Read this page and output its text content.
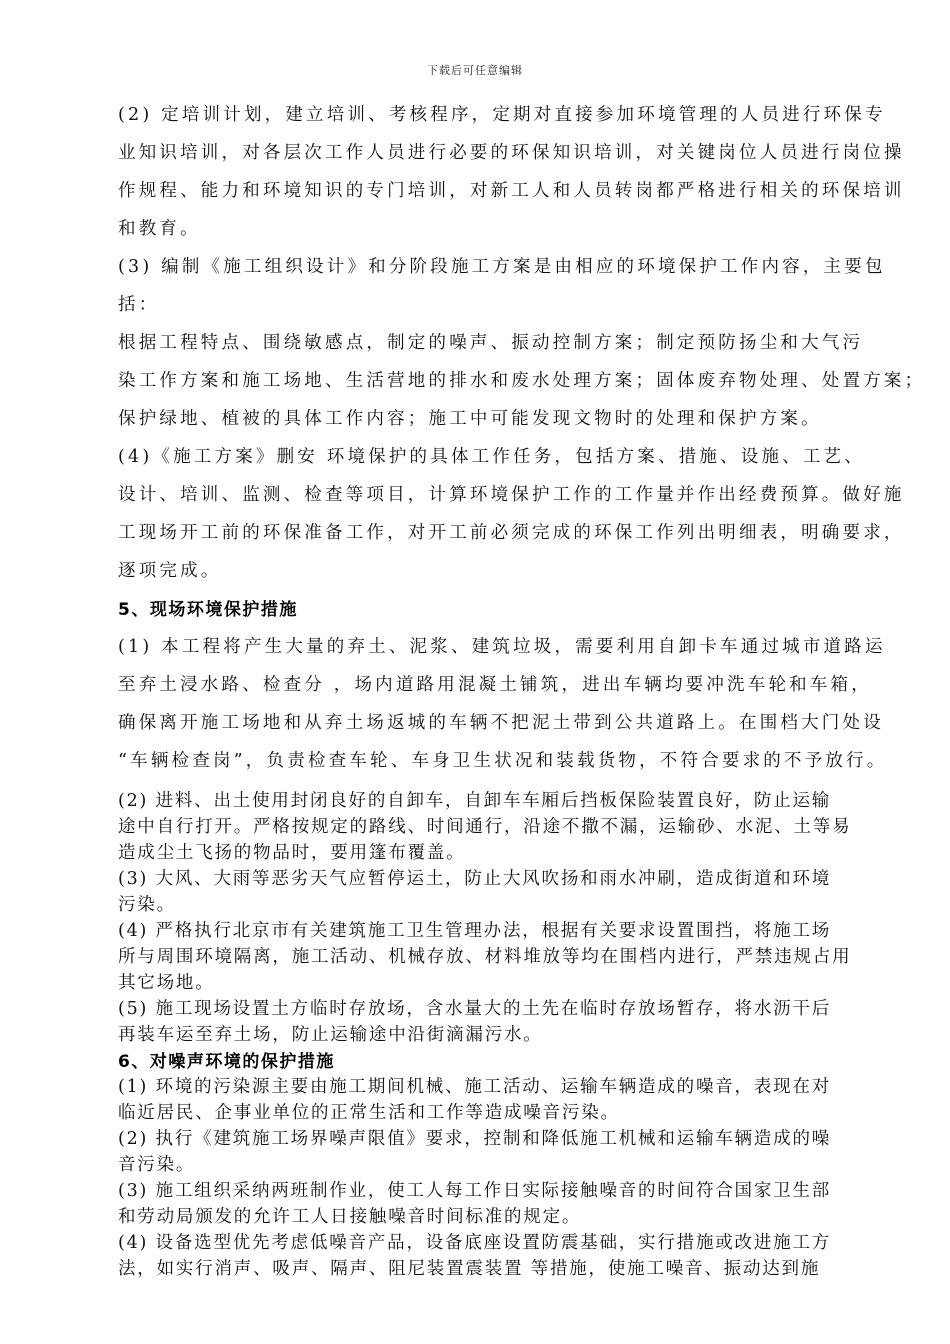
下载后可任意编辑
(2) 定培训计划，建立培训、考核程序，定期对直接参加环境管理的人员进行环保专
业知识培训，对各层次工作人员进行必要的环保知识培训，对关键岗位人员进行岗位操
作规程、能力和环境知识的专门培训，对新工人和人员转岗都严格进行相关的环保培训
和教育。
(3) 编制《施工组织设计》和分阶段施工方案是由相应的环境保护工作内容，主要包
括：
根据工程特点、围绕敏感点，制定的噪声、振动控制方案；制定预防扬尘和大气污
染工作方案和施工场地、生活营地的排水和废水处理方案；固体废弃物处理、处置方案；
保护绿地、植被的具体工作内容；施工中可能发现文物时的处理和保护方案。
(4)《施工方案》删安 环境保护的具体工作任务，包括方案、措施、设施、工艺、
设计、培训、监测、检查等项目，计算环境保护工作的工作量并作出经费预算。做好施
工现场开工前的环保准备工作，对开工前必须完成的环保工作列出明细表，明确要求，
逐项完成。
(1) 本工程将产生大量的弃土、泥浆、建筑垃圾，需要利用自卸卡车通过城市道路运
至弃土浸水路、检查分 ，场内道路用混凝土铺筑，进出车辆均要冲洗车轮和车箱，
确保离开施工场地和从弃土场返城的车辆不把泥土带到公共道路上。在围档大门处设
“车辆检查岗”，负责检查车轮、车身卫生状况和装载货物，不符合要求的不予放行。
(2) 进料、出土使用封闭良好的自卸车，自卸车车厢后挡板保险装置良好，防止运输
途中自行打开。严格按规定的路线、时间通行，沿途不撒不漏，运输砂、水泥、土等易
造成尘土飞扬的物品时，要用篷布覆盖。
(3) 大风、大雨等恶劣天气应暂停运土，防止大风吹扬和雨水冲刷，造成街道和环境
污染。
(4) 严格执行北京市有关建筑施工卫生管理办法，根据有关要求设置围挡，将施工场
所与周围环境隔离，施工活动、机械存放、材料堆放等均在围档内进行，严禁违规占用
其它场地。
(5) 施工现场设置土方临时存放场，含水量大的土先在临时存放场暂存，将水沥干后
再装车运至弃土场，防止运输途中沿街滴漏污水。
(1) 环境的污染源主要由施工期间机械、施工活动、运输车辆造成的噪音，表现在对
临近居民、企事业单位的正常生活和工作等造成噪音污染。
(2) 执行《建筑施工场界噪声限值》要求，控制和降低施工机械和运输车辆造成的噪
音污染。
(3) 施工组织采纳两班制作业，使工人每工作日实际接触噪音的时间符合国家卫生部
和劳动局颁发的允许工人日接触噪音时间标准的规定。
(4) 设备选型优先考虑低噪音产品，设备底座设置防震基础，实行措施或改进施工方
法，如实行消声、吸声、隔声、阻尼装置震装置 等措施，使施工噪音、振动达到施
5、现场环境保护措施
6、对噪声环境的保护措施
